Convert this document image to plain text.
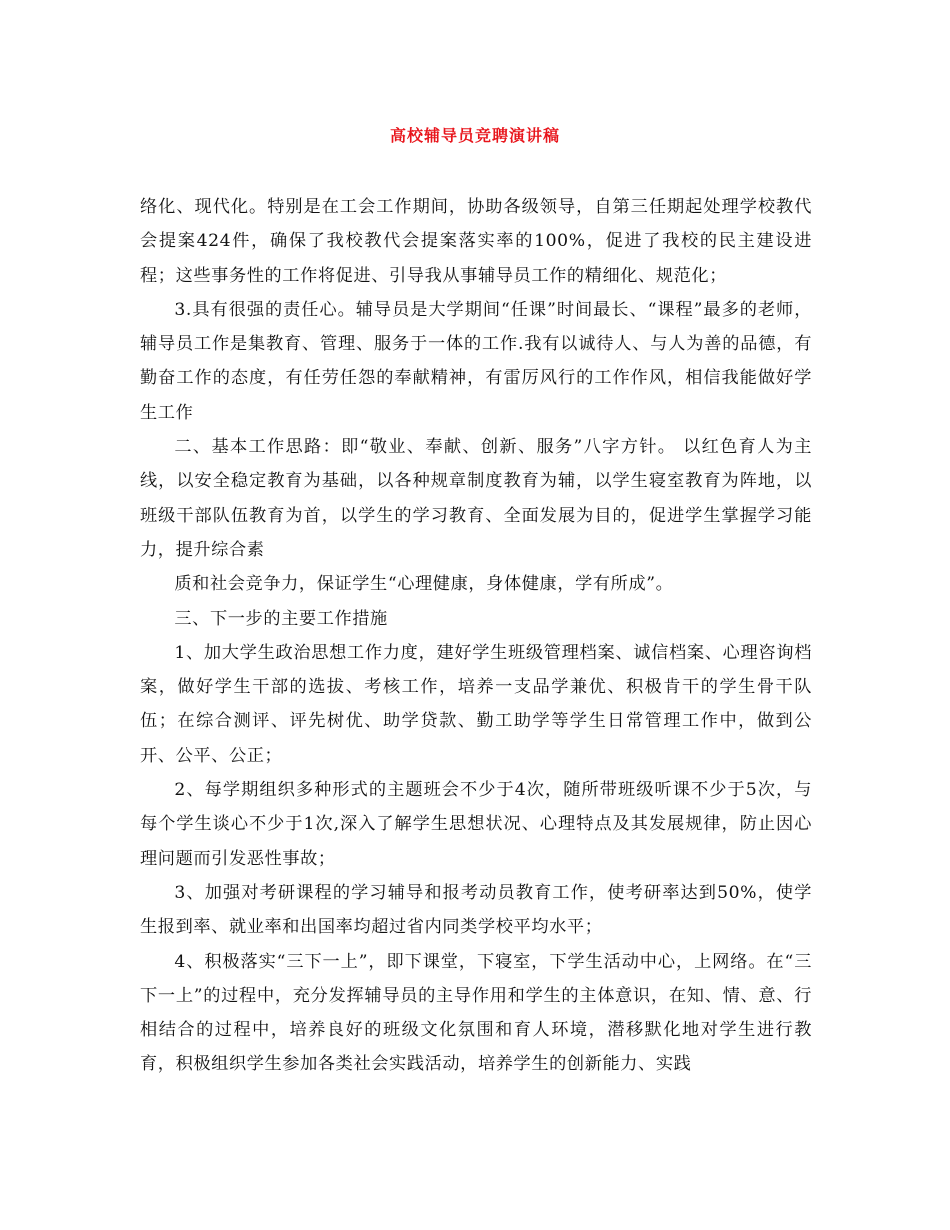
高校辅导员竞聘演讲稿

络化、现代化。特别是在工会工作期间，协助各级领导，自第三任期起处理学校教代会提案424件，确保了我校教代会提案落实率的100%，促进了我校的民主建设进程；这些事务性的工作将促进、引导我从事辅导员工作的精细化、规范化；

3.具有很强的责任心。辅导员是大学期间“任课”时间最长、“课程”最多的老师，辅导员工作是集教育、管理、服务于一体的工作.我有以诚待人、与人为善的品德，有勤奋工作的态度，有任劳任怨的奉献精神，有雷厉风行的工作作风，相信我能做好学生工作

二、基本工作思路：即“敬业、奉献、创新、服务”八字方针。 以红色育人为主线，以安全稳定教育为基础，以各种规章制度教育为辅，以学生寝室教育为阵地，以班级干部队伍教育为首，以学生的学习教育、全面发展为目的，促进学生掌握学习能力，提升综合素

质和社会竞争力，保证学生“心理健康，身体健康，学有所成”。

三、下一步的主要工作措施

1、加大学生政治思想工作力度，建好学生班级管理档案、诚信档案、心理咨询档案，做好学生干部的选拔、考核工作，培养一支品学兼优、积极肯干的学生骨干队伍；在综合测评、评先树优、助学贷款、勤工助学等学生日常管理工作中，做到公开、公平、公正；

2、每学期组织多种形式的主题班会不少于4次，随所带班级听课不少于5次，与每个学生谈心不少于1次,深入了解学生思想状况、心理特点及其发展规律，防止因心理问题而引发恶性事故；

3、加强对考研课程的学习辅导和报考动员教育工作，使考研率达到50%，使学生报到率、就业率和出国率均超过省内同类学校平均水平；

4、积极落实“三下一上”，即下课堂，下寝室，下学生活动中心，上网络。在“三下一上”的过程中，充分发挥辅导员的主导作用和学生的主体意识，在知、情、意、行相结合的过程中，培养良好的班级文化氛围和育人环境，潜移默化地对学生进行教育，积极组织学生参加各类社会实践活动，培养学生的创新能力、实践
